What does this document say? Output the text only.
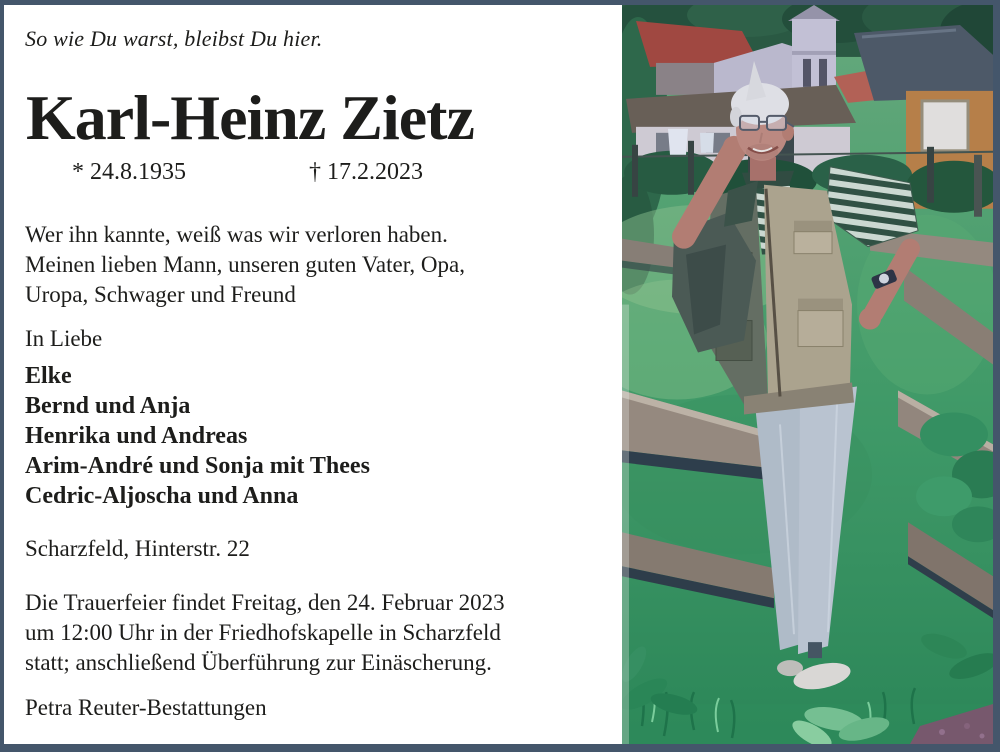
So wie Du warst, bleibst Du hier.
Karl-Heinz Zietz
* 24.8.1935	† 17.2.2023
Wer ihn kannte, weiß was wir verloren haben.
Meinen lieben Mann, unseren guten Vater, Opa,
Uropa, Schwager und Freund
In Liebe
Elke
Bernd und Anja
Henrika und Andreas
Arim-André und Sonja mit Thees
Cedric-Aljoscha und Anna
Scharzfeld, Hinterstr. 22
Die Trauerfeier findet Freitag, den 24. Februar 2023
um 12:00 Uhr in der Friedhofskapelle in Scharzfeld
statt; anschließend Überführung zur Einäscherung.
Petra Reuter-Bestattungen
